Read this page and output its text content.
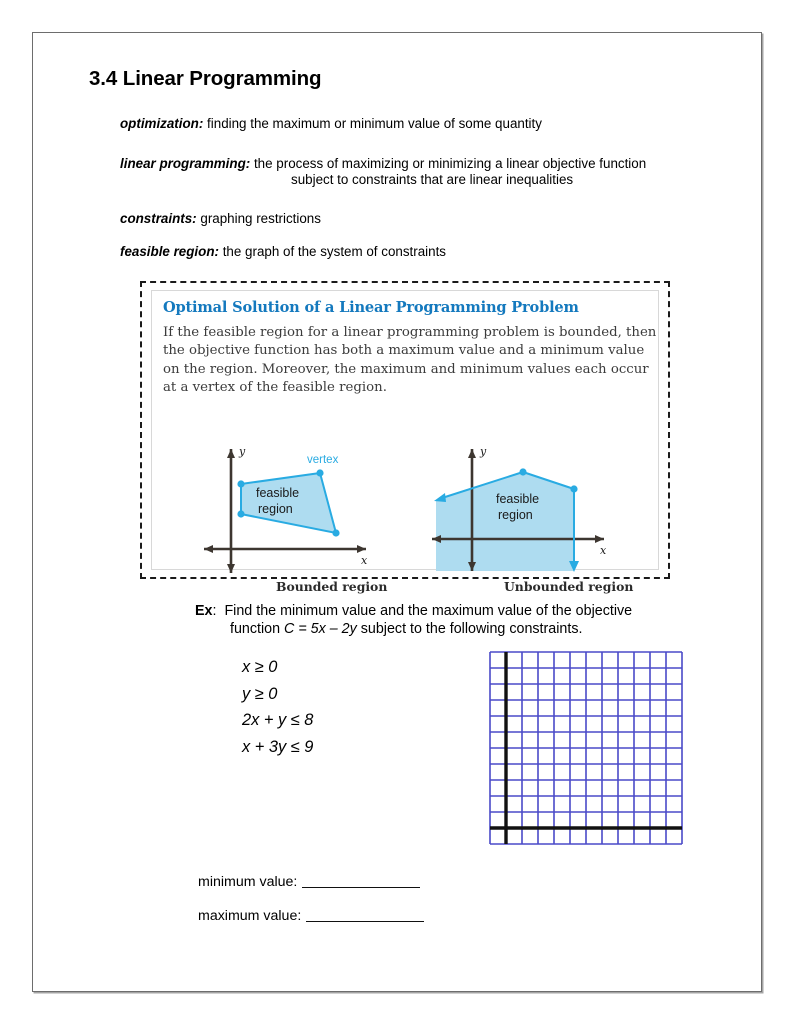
3.4 Linear Programming
optimization: finding the maximum or minimum value of some quantity
linear programming: the process of maximizing or minimizing a linear objective function
subject to constraints that are linear inequalities
constraints: graphing restrictions
feasible region: the graph of the system of constraints
Optimal Solution of a Linear Programming Problem
If the feasible region for a linear programming problem is bounded, then the objective function has both a maximum value and a minimum value on the region. Moreover, the maximum and minimum values each occur at a vertex of the feasible region.
y
x
vertex
feasible
region
y
x
feasible
region
Bounded region	Unbounded region
Ex: Find the minimum value and the maximum value of the objective
function C = 5x – 2y subject to the following constraints.
x ≥ 0
y ≥ 0
2x + y ≤ 8
x + 3y ≤ 9
minimum value:
maximum value:
